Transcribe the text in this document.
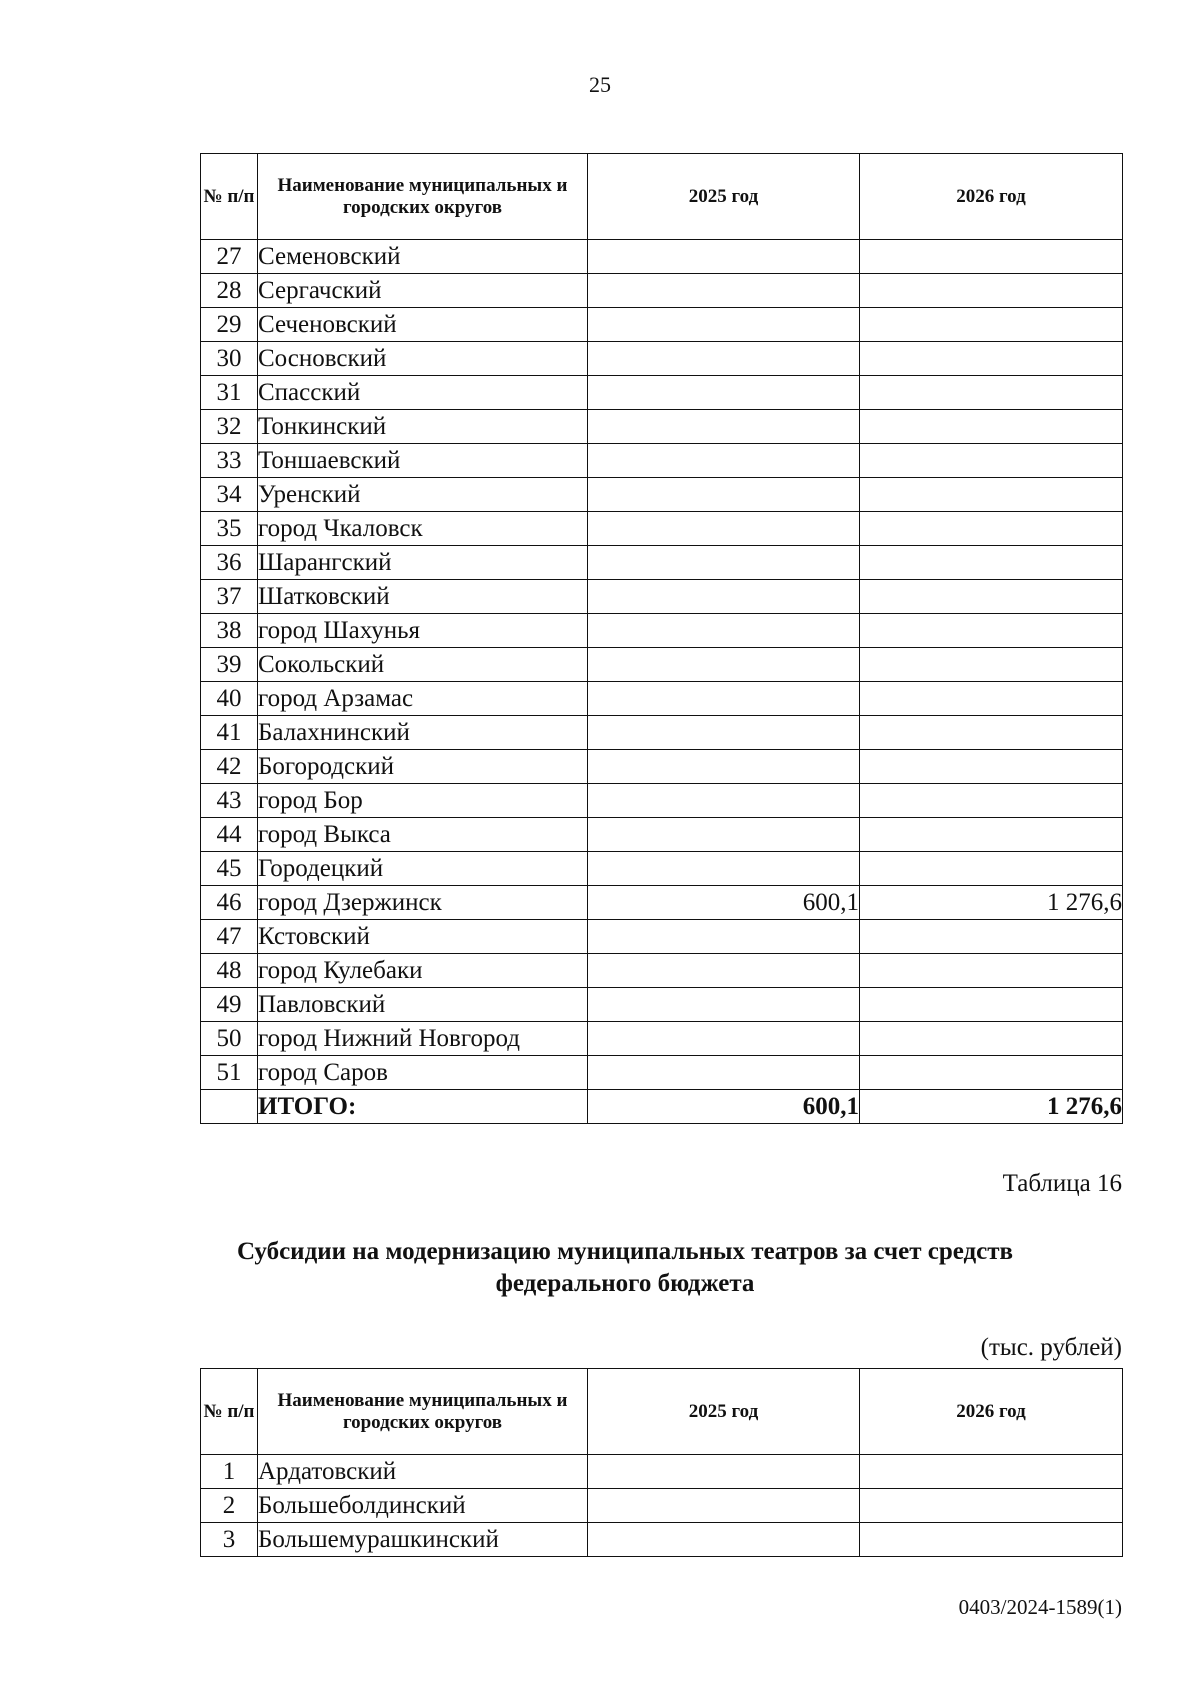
25
№ п/п	Наименование муниципальных и городских округов	2025 год	2026 год
27	Семеновский		
28	Сергачский		
29	Сеченовский		
30	Сосновский		
31	Спасский		
32	Тонкинский		
33	Тоншаевский		
34	Уренский		
35	город Чкаловск		
36	Шарангский		
37	Шатковский		
38	город Шахунья		
39	Сокольский		
40	город Арзамас		
41	Балахнинский		
42	Богородский		
43	город Бор		
44	город Выкса		
45	Городецкий		
46	город Дзержинск	600,1	1 276,6
47	Кстовский		
48	город Кулебаки		
49	Павловский		
50	город Нижний Новгород		
51	город Саров		
	ИТОГО:	600,1	1 276,6
Таблица 16
Субсидии на модернизацию муниципальных театров за счет средств федерального бюджета
(тыс. рублей)
№ п/п	Наименование муниципальных и городских округов	2025 год	2026 год
1	Ардатовский		
2	Большеболдинский		
3	Большемурашкинский		
0403/2024-1589(1)
